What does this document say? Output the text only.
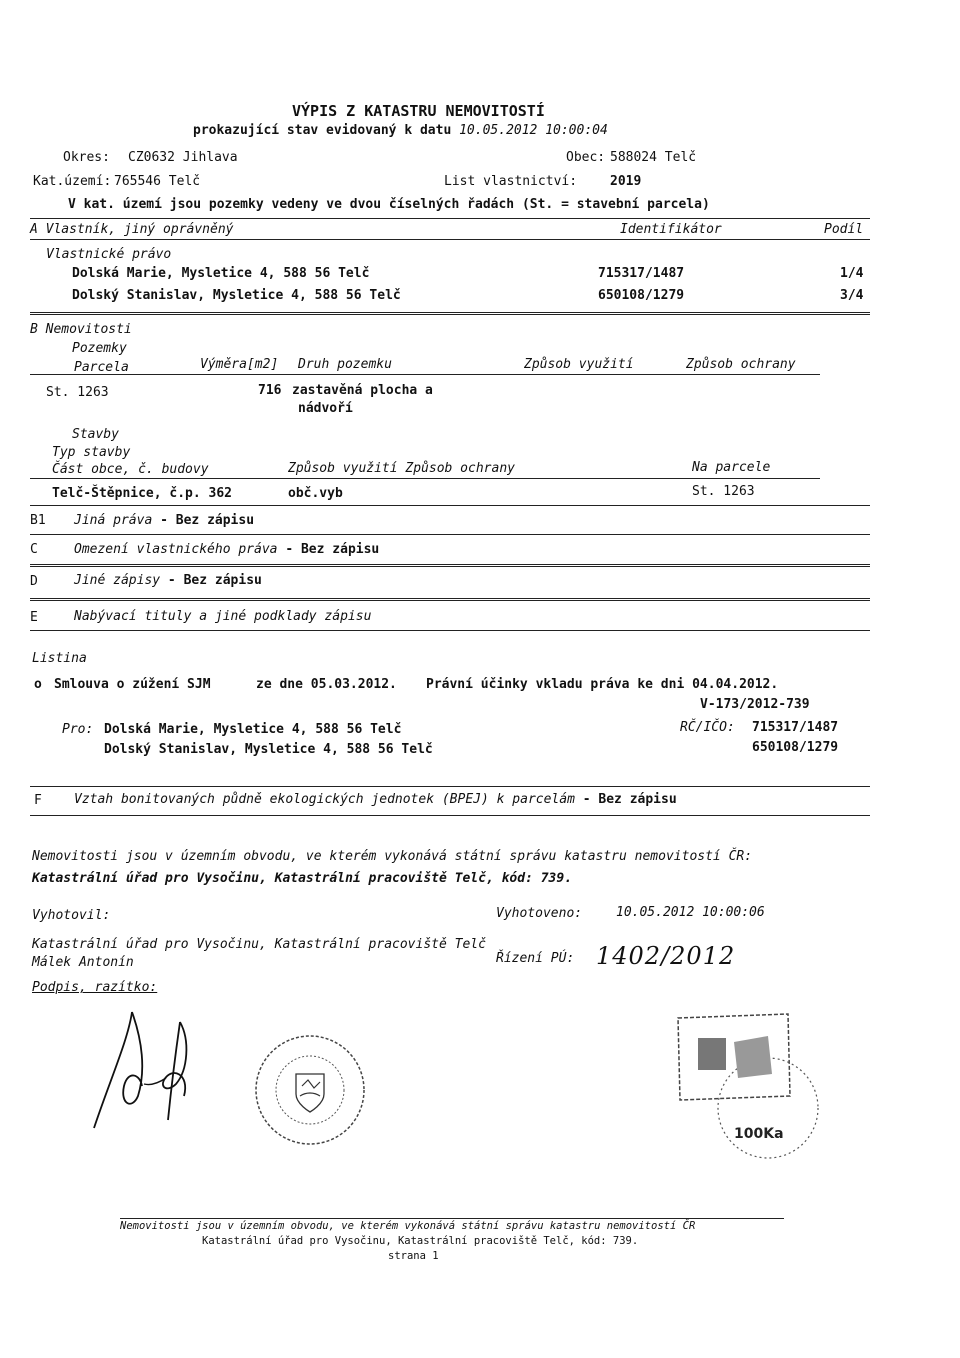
VÝPIS Z KATASTRU NEMOVITOSTÍ
prokazující stav evidovaný k datu 10.05.2012 10:00:04
Okres: CZ0632 Jihlava	Obec: 588024 Telč
Kat.území: 765546 Telč	List vlastnictví:	2019
V kat. území jsou pozemky vedeny ve dvou číselných řadách (St. = stavební parcela)
A Vlastník, jiný oprávněný	Identifikátor	Podíl
Vlastnické právo
Dolská Marie, Mysletice 4, 588 56 Telč	715317/1487	1/4
Dolský Stanislav, Mysletice 4, 588 56 Telč	650108/1279	3/4
B Nemovitosti
Pozemky
Parcela	Výměra[m2] Druh pozemku	Způsob využití	Způsob ochrany
St. 1263	716 zastavěná plocha a
nádvoří
Stavby
Typ stavby
Část obce, č. budovy	Způsob využití Způsob ochrany	Na parcele
Telč-Štěpnice, č.p. 362	obč.vyb	St. 1263
B1 Jiná práva - Bez zápisu
C	Omezení vlastnického práva - Bez zápisu
D	Jiné zápisy - Bez zápisu
E	Nabývací tituly a jiné podklady zápisu
Listina
o Smlouva o zúžení SJM	ze dne 05.03.2012. Právní účinky vkladu práva ke dni 04.04.2012.
V-173/2012-739
Pro: Dolská Marie, Mysletice 4, 588 56 Telč
Dolský Stanislav, Mysletice 4, 588 56 Telč
RČ/IČO: 715317/1487
650108/1279
F Vztah bonitovaných půdně ekologických jednotek (BPEJ) k parcelám - Bez zápisu
Nemovitosti jsou v územním obvodu, ve kterém vykonává státní správu katastru nemovitostí ČR:
Katastrální úřad pro Vysočinu, Katastrální pracoviště Telč, kód: 739.
Vyhotovil:	Vyhotoveno:	10.05.2012 10:00:06
Katastrální úřad pro Vysočinu, Katastrální pracoviště Telč
Málek Antonín	Řízení PÚ: 1402/2012
Podpis, razítko:
100Ka
Nemovitosti jsou v územním obvodu, ve kterém vykonává státní správu katastru nemovitostí ČR
Katastrální úřad pro Vysočinu, Katastrální pracoviště Telč, kód: 739.
strana 1
